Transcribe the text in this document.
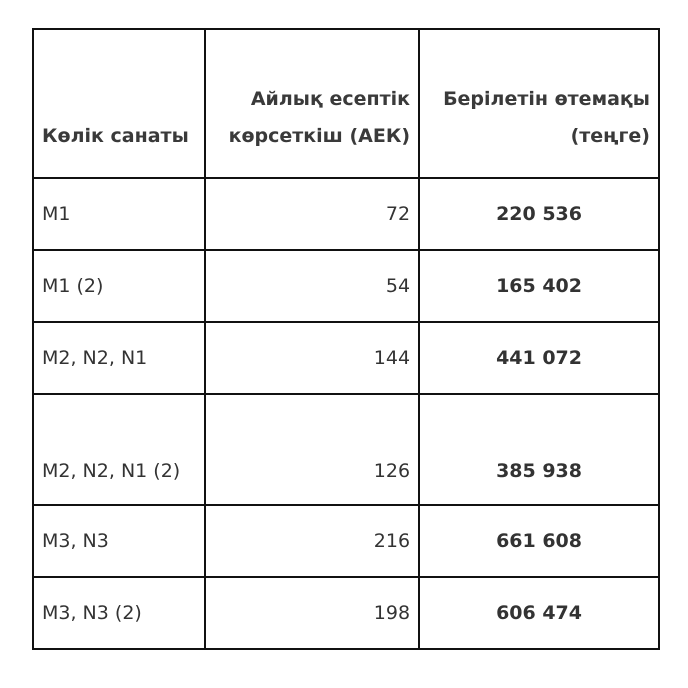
Көлік санаты	Айлық есептік көрсеткіш (АЕК)	Берілетін өтемақы (теңге)
M1	72	220 536
M1 (2)	54	165 402
M2, N2, N1	144	441 072
M2, N2, N1 (2)	126	385 938
M3, N3	216	661 608
M3, N3 (2)	198	606 474
